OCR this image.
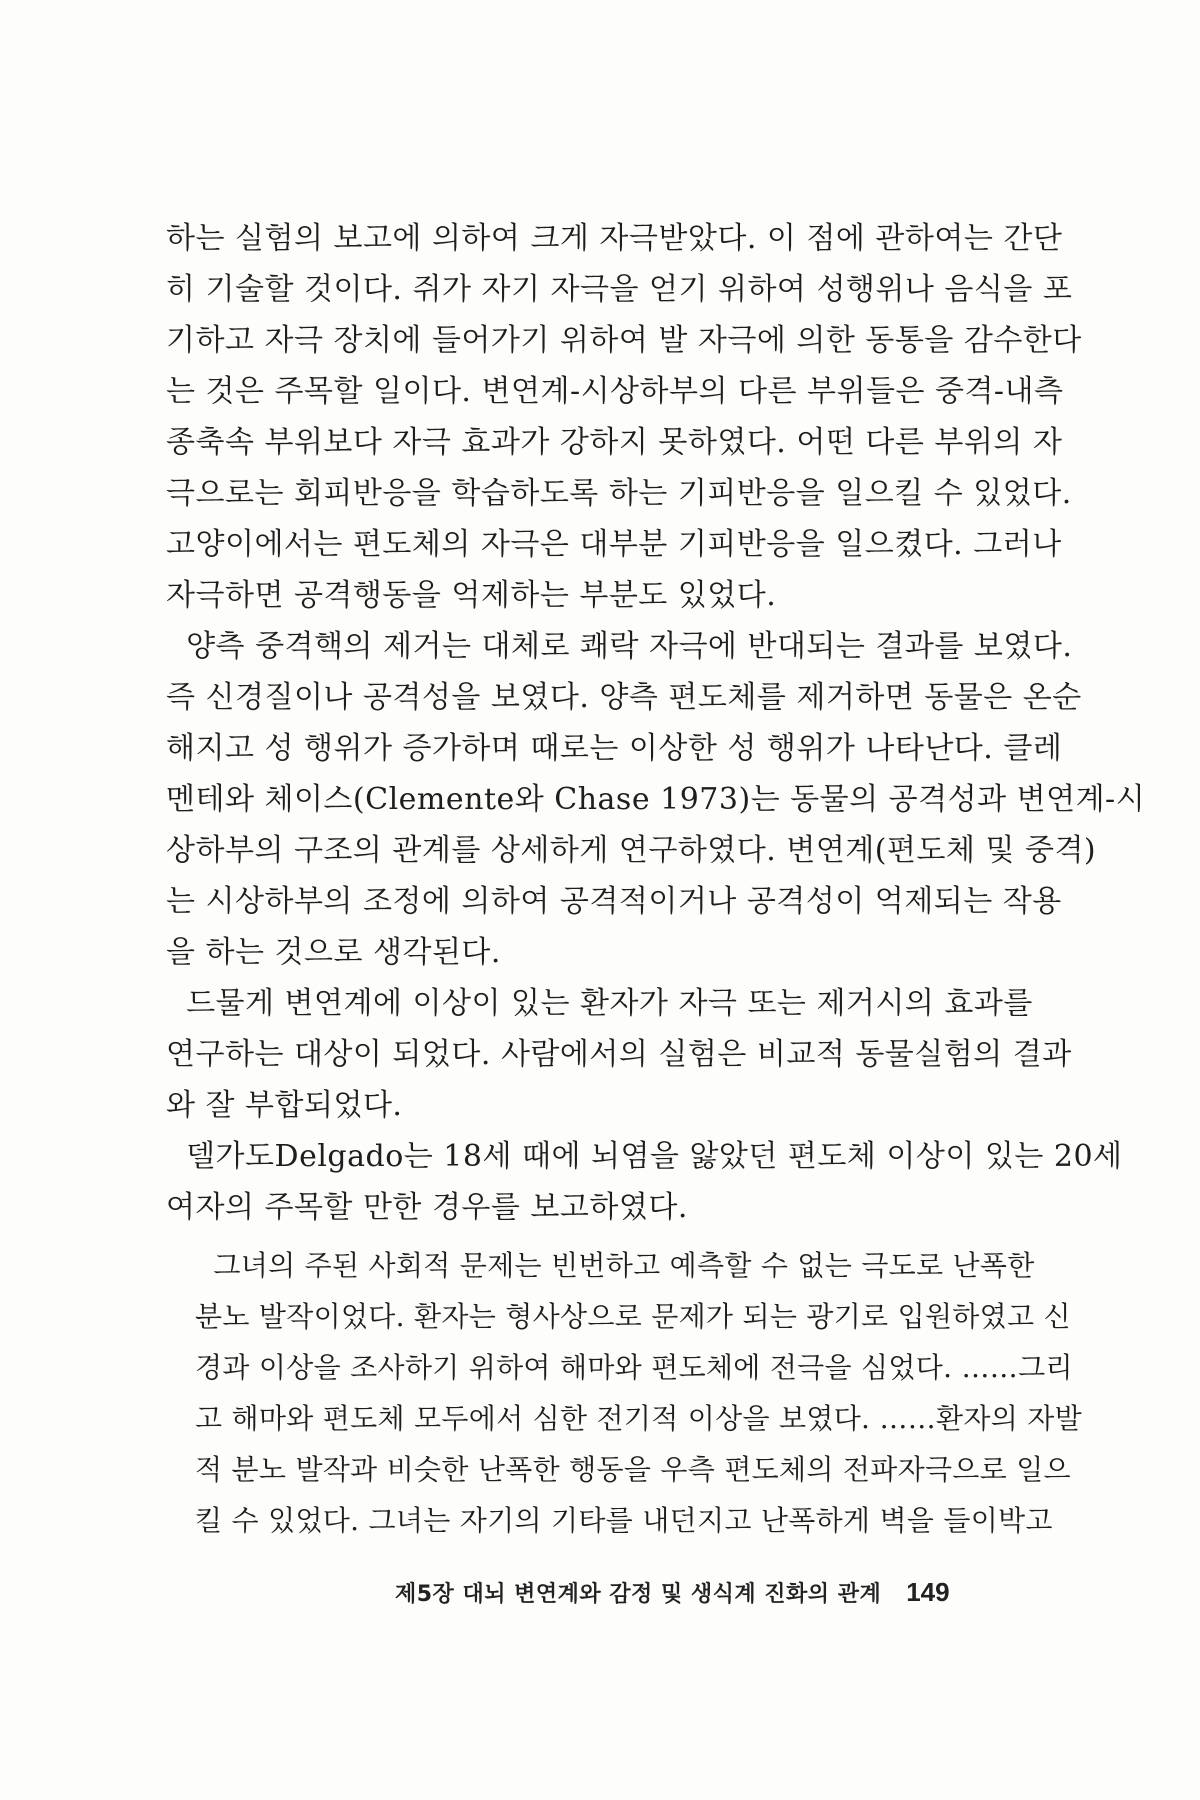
하는 실험의 보고에 의하여 크게 자극받았다. 이 점에 관하여는 간단
히 기술할 것이다. 쥐가 자기 자극을 얻기 위하여 성행위나 음식을 포
기하고 자극 장치에 들어가기 위하여 발 자극에 의한 동통을 감수한다
는 것은 주목할 일이다. 변연계-시상하부의 다른 부위들은 중격-내측
종축속 부위보다 자극 효과가 강하지 못하였다. 어떤 다른 부위의 자
극으로는 회피반응을 학습하도록 하는 기피반응을 일으킬 수 있었다.
고양이에서는 편도체의 자극은 대부분 기피반응을 일으켰다. 그러나
자극하면 공격행동을 억제하는 부분도 있었다.
양측 중격핵의 제거는 대체로 쾌락 자극에 반대되는 결과를 보였다.
즉 신경질이나 공격성을 보였다. 양측 편도체를 제거하면 동물은 온순
해지고 성 행위가 증가하며 때로는 이상한 성 행위가 나타난다. 클레
멘테와 체이스(Clemente와 Chase 1973)는 동물의 공격성과 변연계-시
상하부의 구조의 관계를 상세하게 연구하였다. 변연계(편도체 및 중격)
는 시상하부의 조정에 의하여 공격적이거나 공격성이 억제되는 작용
을 하는 것으로 생각된다.
드물게 변연계에 이상이 있는 환자가 자극 또는 제거시의 효과를
연구하는 대상이 되었다. 사람에서의 실험은 비교적 동물실험의 결과
와 잘 부합되었다.
델가도Delgado는 18세 때에 뇌염을 앓았던 편도체 이상이 있는 20세
여자의 주목할 만한 경우를 보고하였다.
그녀의 주된 사회적 문제는 빈번하고 예측할 수 없는 극도로 난폭한
분노 발작이었다. 환자는 형사상으로 문제가 되는 광기로 입원하였고 신
경과 이상을 조사하기 위하여 해마와 편도체에 전극을 심었다. ……그리
고 해마와 편도체 모두에서 심한 전기적 이상을 보였다. ……환자의 자발
적 분노 발작과 비슷한 난폭한 행동을 우측 편도체의 전파자극으로 일으
킬 수 있었다. 그녀는 자기의 기타를 내던지고 난폭하게 벽을 들이박고
제5장 대뇌 변연계와 감정 및 생식계 진화의 관계 149
